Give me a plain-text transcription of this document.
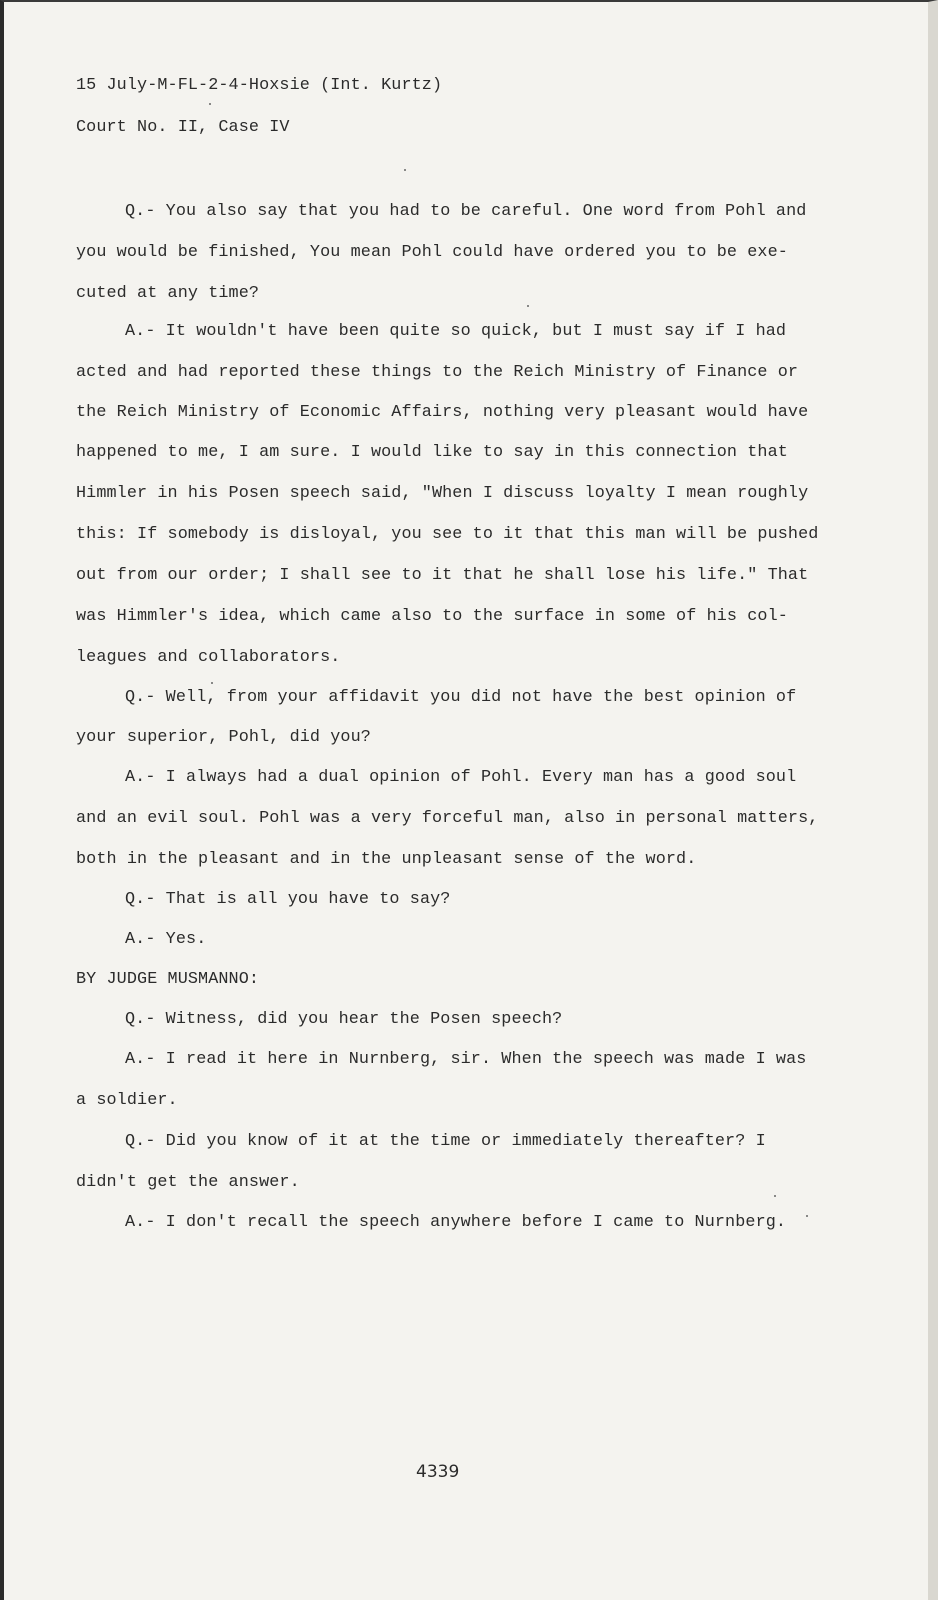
15 July-M-FL-2-4-Hoxsie (Int. Kurtz)
Court No. II, Case IV
Q.- You also say that you had to be careful. One word from Pohl and
you would be finished, You mean Pohl could have ordered you to be exe-
cuted at any time?
A.- It wouldn't have been quite so quick, but I must say if I had
acted and had reported these things to the Reich Ministry of Finance or
the Reich Ministry of Economic Affairs, nothing very pleasant would have
happened to me, I am sure. I would like to say in this connection that
Himmler in his Posen speech said, "When I discuss loyalty I mean roughly
this: If somebody is disloyal, you see to it that this man will be pushed
out from our order; I shall see to it that he shall lose his life." That
was Himmler's idea, which came also to the surface in some of his col-
leagues and collaborators.
Q.- Well, from your affidavit you did not have the best opinion of
your superior, Pohl, did you?
A.- I always had a dual opinion of Pohl. Every man has a good soul
and an evil soul. Pohl was a very forceful man, also in personal matters,
both in the pleasant and in the unpleasant sense of the word.
Q.- That is all you have to say?
A.- Yes.
BY JUDGE MUSMANNO:
Q.- Witness, did you hear the Posen speech?
A.- I read it here in Nurnberg, sir. When the speech was made I was
a soldier.
Q.- Did you know of it at the time or immediately thereafter? I
didn't get the answer.
A.- I don't recall the speech anywhere before I came to Nurnberg.
4339
